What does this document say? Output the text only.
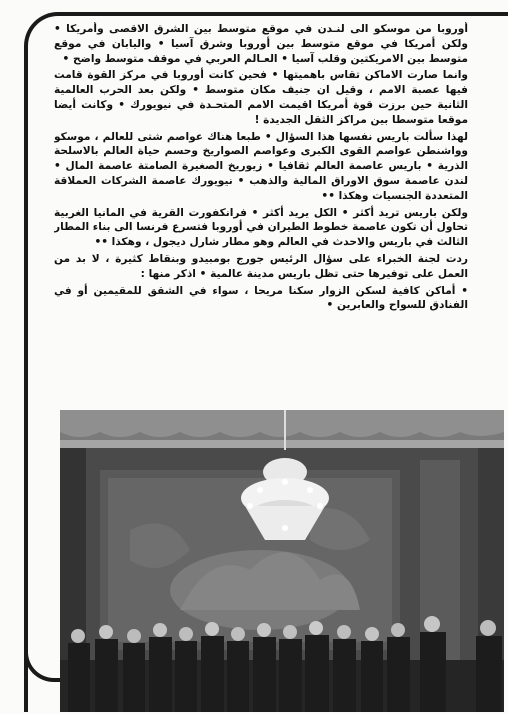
أوروبا من موسكو الى لنـدن في موقع متوسط بين الشرق الاقصى وأمريكا • ولكن أمريكا في موقع متوسط بين أوروبا وشرق آسيا • واليابان في موقع متوسط بين الامريكتين وقلب آسيا • العـالم العربي في موقف متوسط واضح •

وانما صارت الاماكن تقاس باهميتها • فحين كانت أوروبا في مركز القوة قامت فيها عصبة الامم ، وقيل ان جنيف مكان متوسط • ولكن بعد الحرب العالمية الثانية حين برزت قوة أمريكا اقيمت الامم المتحـدة في نيويورك • وكانت أيضا موقعا متوسطا بين مراكز الثقل الجديدة !

لهذا سألت باريس نفسها هذا السؤال • طبعا هناك عواصم شتى للعالم ، موسكو وواشنطن عواصم القوى الكبرى وعواصم الصواريخ وحسم حياة العالم بالاسلحة الذرية • باريس عاصمة العالم ثقافيا • زيوريخ الصغيرة الصامتة عاصمة المال • لندن عاصمة سوق الاوراق المالية والذهب • نيويورك عاصمة الشركات العملاقة المتعددة الجنسيات وهكذا ••

ولكن باريس تريد أكثر • الكل يريد أكثر • فرانكفورت القرية في المانيا الغربية تحاول أن تكون عاصمة خطوط الطيران في أوروبا فتسرع فرنسا الى بناء المطار الثالث في باريس والاحدث في العالم وهو مطار شارل ديجول ، وهكذا ••

ردت لجنة الخبراء على سؤال الرئيس جورج بومبيدو وبنقاط كثيرة ، لا بد من العمل على توفيرها حتى تظل باريس مدينة عالمية • اذكر منها :

• أماكن كافية لسكن الزوار سكنا مريحا ، سواء في الشقق للمقيمين أو في الفنادق للسواح والعابرين •
